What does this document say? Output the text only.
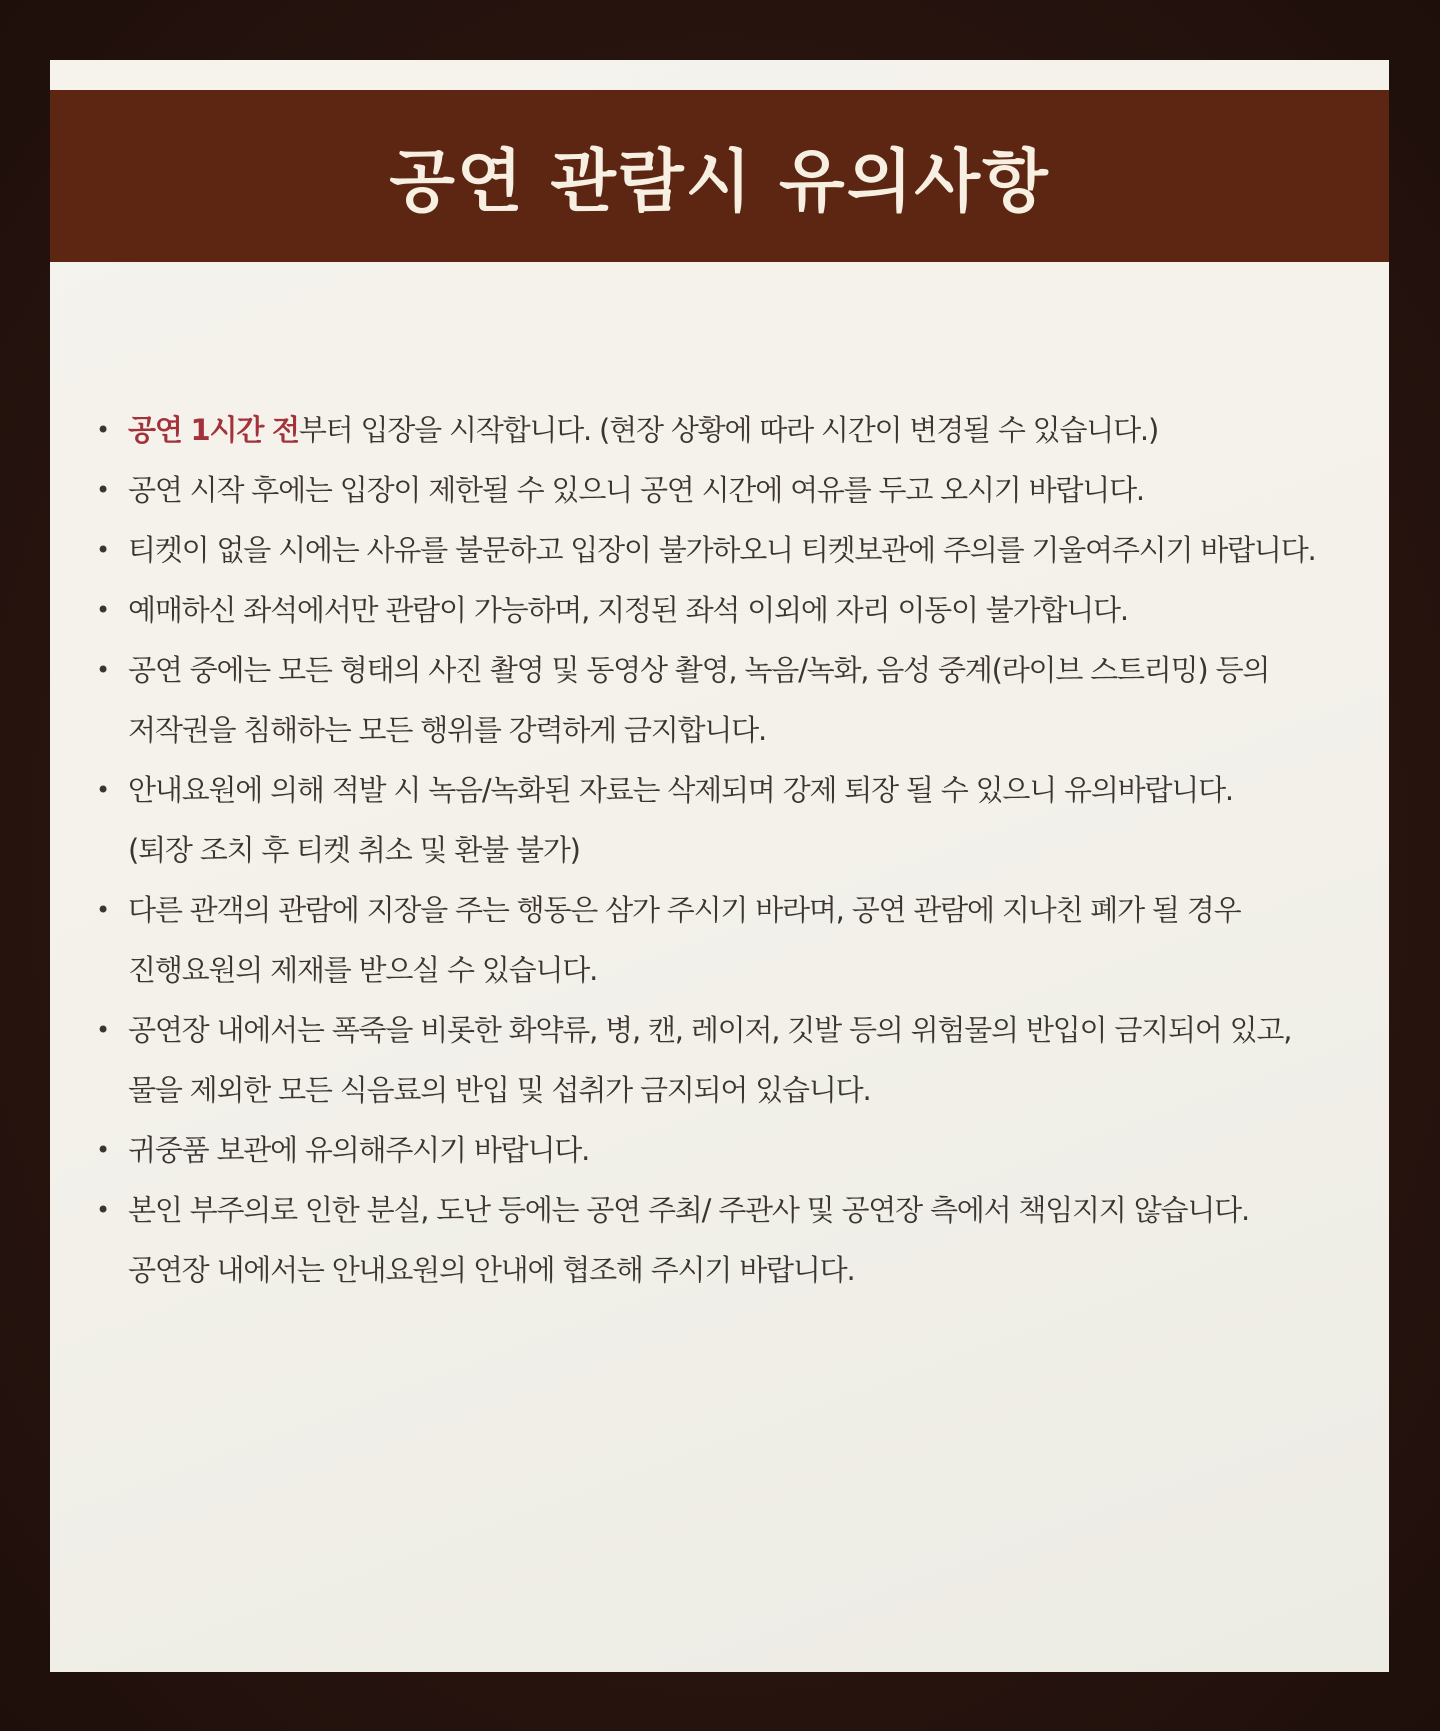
공연 관람시 유의사항
• 공연 1시간 전부터 입장을 시작합니다. (현장 상황에 따라 시간이 변경될 수 있습니다.)
• 공연 시작 후에는 입장이 제한될 수 있으니 공연 시간에 여유를 두고 오시기 바랍니다.
• 티켓이 없을 시에는 사유를 불문하고 입장이 불가하오니 티켓보관에 주의를 기울여주시기 바랍니다.
• 예매하신 좌석에서만 관람이 가능하며, 지정된 좌석 이외에 자리 이동이 불가합니다.
• 공연 중에는 모든 형태의 사진 촬영 및 동영상 촬영, 녹음/녹화, 음성 중계(라이브 스트리밍) 등의
저작권을 침해하는 모든 행위를 강력하게 금지합니다.
• 안내요원에 의해 적발 시 녹음/녹화된 자료는 삭제되며 강제 퇴장 될 수 있으니 유의바랍니다.
(퇴장 조치 후 티켓 취소 및 환불 불가)
• 다른 관객의 관람에 지장을 주는 행동은 삼가 주시기 바라며, 공연 관람에 지나친 폐가 될 경우
진행요원의 제재를 받으실 수 있습니다.
• 공연장 내에서는 폭죽을 비롯한 화약류, 병, 캔, 레이저, 깃발 등의 위험물의 반입이 금지되어 있고,
물을 제외한 모든 식음료의 반입 및 섭취가 금지되어 있습니다.
• 귀중품 보관에 유의해주시기 바랍니다.
• 본인 부주의로 인한 분실, 도난 등에는 공연 주최/ 주관사 및 공연장 측에서 책임지지 않습니다.
공연장 내에서는 안내요원의 안내에 협조해 주시기 바랍니다.
